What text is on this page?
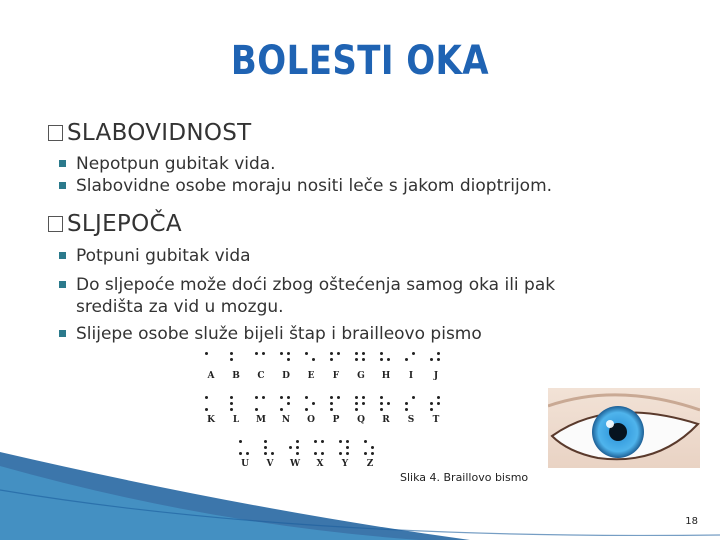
BOLESTI OKA
SLABOVIDNOST
Nepotpun gubitak vida.
Slabovidne osobe moraju nositi leče s jakom dioptrijom.
SLJEPOČA
Potpuni gubitak vida
Do sljepoće može doći zbog oštećenja samog oka ili pak
središta za vid u mozgu.
Slijepe osobe služe bijeli štap i brailleovo pismo
A	B	C	D	E	F	G	H	I	J
K	L	M	N	O	P	Q	R	S	T
U	V	W	X	Y	Z
Slika 4. Braillovo bismo
18
